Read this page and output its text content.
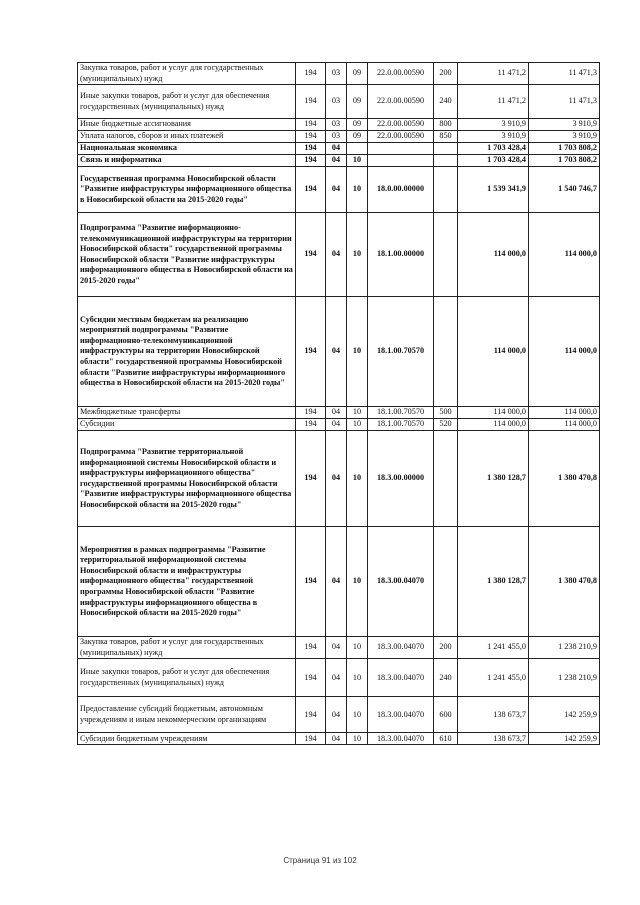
Закупка товаров, работ и услуг для государственных (муниципальных) нужд	194	03	09	22.0.00.00590	200	11 471,2	11 471,3
Иные закупки товаров, работ и услуг для обеспечения государственных (муниципальных) нужд	194	03	09	22.0.00.00590	240	11 471,2	11 471,3
Иные бюджетные ассигнования	194	03	09	22.0.00.00590	800	3 910,9	3 910,9
Уплата налогов, сборов и иных платежей	194	03	09	22.0.00.00590	850	3 910,9	3 910,9
Национальная экономика	194	04				1 703 428,4	1 703 808,2
Связь и информатика	194	04	10			1 703 428,4	1 703 808,2
Государственная программа Новосибирской области "Развитие инфраструктуры информационного общества в Новосибирской области на 2015-2020 годы"	194	04	10	18.0.00.00000		1 539 341,9	1 540 746,7
Подпрограмма "Развитие информационно-телекоммуникационной инфраструктуры на территории Новосибирской области" государственной программы Новосибирской области "Развитие инфраструктуры информационного общества в Новосибирской области на 2015-2020 годы"	194	04	10	18.1.00.00000		114 000,0	114 000,0
Субсидии местным бюджетам на реализацию мероприятий подпрограммы "Развитие информационно-телекоммуникационной инфраструктуры на территории Новосибирской области" государственной программы Новосибирской области "Развитие инфраструктуры информационного общества в Новосибирской области на 2015-2020 годы"	194	04	10	18.1.00.70570		114 000,0	114 000,0
Межбюджетные трансферты	194	04	10	18.1.00.70570	500	114 000,0	114 000,0
Субсидии	194	04	10	18.1.00.70570	520	114 000,0	114 000,0
Подпрограмма "Развитие территориальной информационной системы Новосибирской области и инфраструктуры информационного общества" государственной программы Новосибирской области "Развитие инфраструктуры информационного общества Новосибирской области на 2015-2020 годы"	194	04	10	18.3.00.00000		1 380 128,7	1 380 470,8
Мероприятия в рамках подпрограммы "Развитие территориальной информационной системы Новосибирской области и инфраструктуры информационного общества" государственной программы Новосибирской области "Развитие инфраструктуры информационного общества в Новосибирской области на 2015-2020 годы"	194	04	10	18.3.00.04070		1 380 128,7	1 380 470,8
Закупка товаров, работ и услуг для государственных (муниципальных) нужд	194	04	10	18.3.00.04070	200	1 241 455,0	1 238 210,9
Иные закупки товаров, работ и услуг для обеспечения государственных (муниципальных) нужд	194	04	10	18.3.00.04070	240	1 241 455,0	1 238 210,9
Предоставление субсидий бюджетным, автономным учреждениям и иным некоммерческим организациям	194	04	10	18.3.00.04070	600	138 673,7	142 259,9
Субсидии бюджетным учреждениям	194	04	10	18.3.00.04070	610	138 673,7	142 259,9
Страница 91 из 102
